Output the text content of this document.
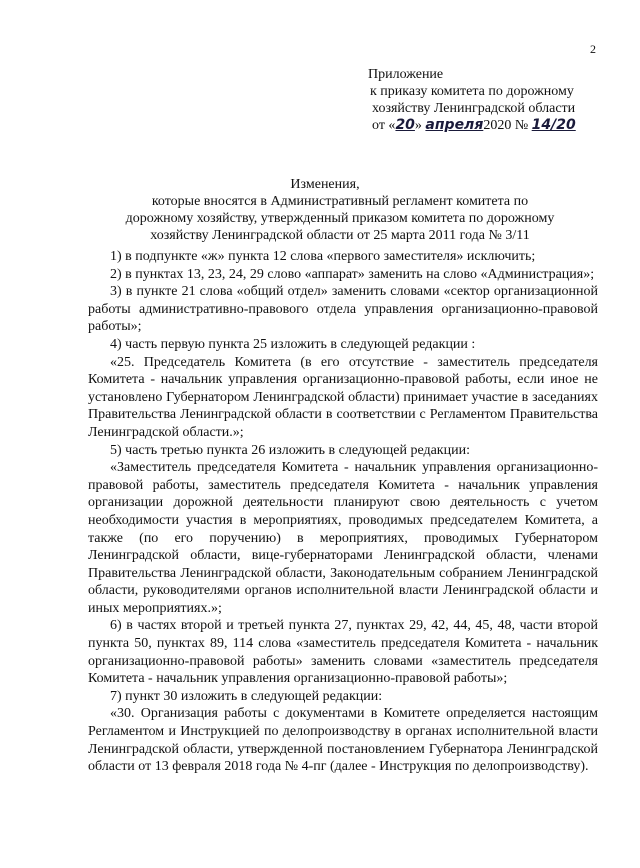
2
Приложение
к приказу комитета по дорожному
хозяйству Ленинградской области
от «20» апреля2020 № 14/20
Изменения,
которые вносятся в Административный регламент комитета по
дорожному хозяйству, утвержденный приказом комитета по дорожному
хозяйству Ленинградской области от 25 марта 2011 года № 3/11

1) в подпункте «ж» пункта 12 слова «первого заместителя» исключить;

2) в пунктах 13, 23, 24, 29 слово «аппарат» заменить на слово «Администрация»;

3) в пункте 21 слова «общий отдел» заменить словами «сектор организационной работы административно-правового отдела управления организационно-правовой работы»;

4) часть первую пункта 25 изложить в следующей редакции :

«25. Председатель Комитета (в его отсутствие - заместитель председателя Комитета - начальник управления организационно-правовой работы, если иное не установлено Губернатором Ленинградской области) принимает участие в заседаниях Правительства Ленинградской области в соответствии с Регламентом Правительства Ленинградской области.»;

5) часть третью пункта 26 изложить в следующей редакции:

«Заместитель председателя Комитета - начальник управления организационно-правовой работы, заместитель председателя Комитета - начальник управления организации дорожной деятельности планируют свою деятельность с учетом необходимости участия в мероприятиях, проводимых председателем Комитета, а также (по его поручению) в мероприятиях, проводимых Губернатором Ленинградской области, вице-губернаторами Ленинградской области, членами Правительства Ленинградской области, Законодательным собранием Ленинградской области, руководителями органов исполнительной власти Ленинградской области и иных мероприятиях.»;

6) в частях второй и третьей пункта 27, пунктах 29, 42, 44, 45, 48, части второй пункта 50, пунктах 89, 114 слова «заместитель председателя Комитета - начальник организационно-правовой работы» заменить словами «заместитель председателя Комитета - начальник управления организационно-правовой работы»;

7) пункт 30 изложить в следующей редакции:

«30. Организация работы с документами в Комитете определяется настоящим Регламентом и Инструкцией по делопроизводству в органах исполнительной власти Ленинградской области, утвержденной постановлением Губернатора Ленинградской области от 13 февраля 2018 года № 4-пг (далее - Инструкция по делопроизводству).
